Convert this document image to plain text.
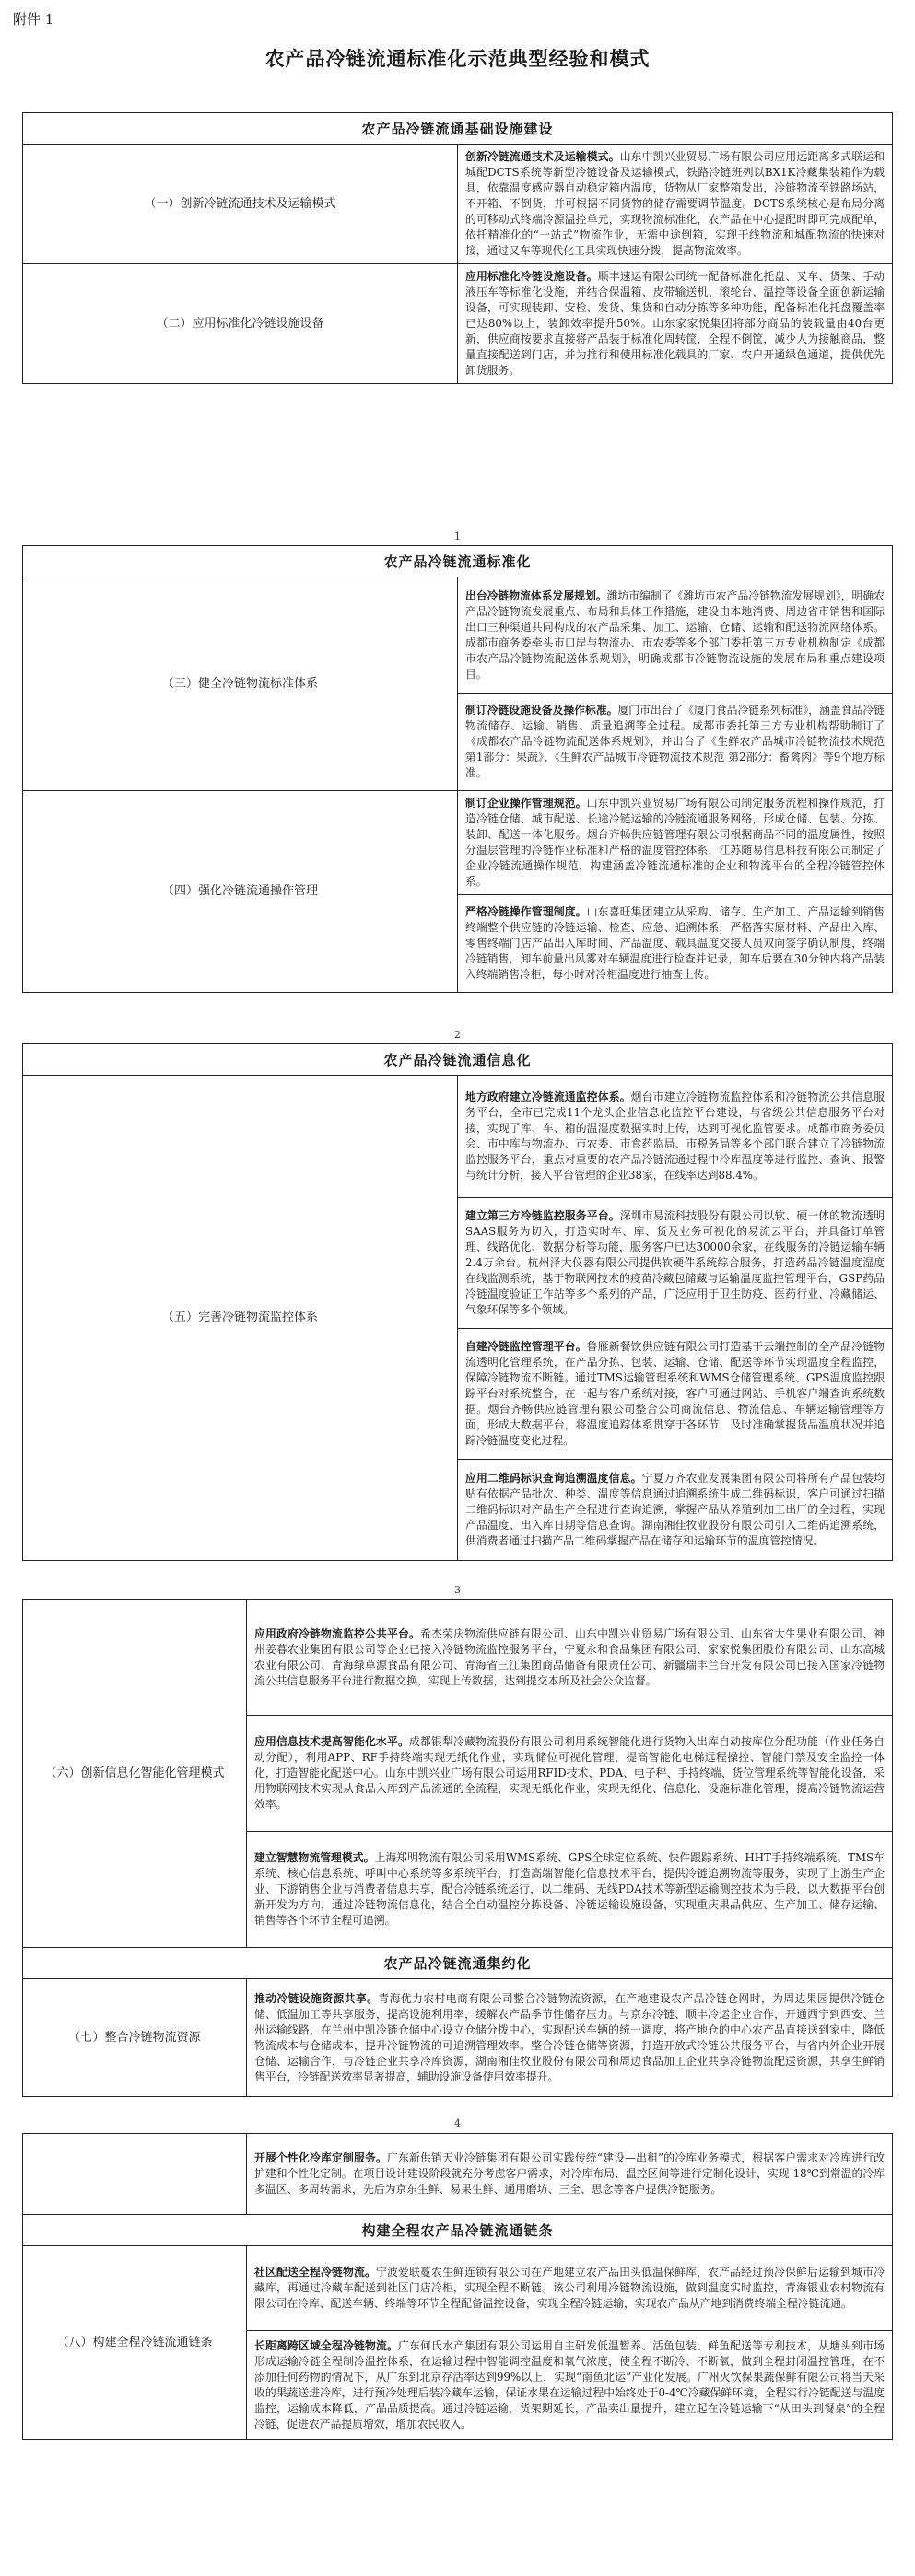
附件 1
农产品冷链流通标准化示范典型经验和模式
农产品冷链流通基础设施建设	
（一）创新冷链流通技术及运输模式	创新冷链流通技术及运输模式。山东中凯兴业贸易广场有限公司应用远距离多式联运和城配DCTS系统等新型冷链设备及运输模式，铁路冷链班列以BX1K冷藏集装箱作为载具，依靠温度感应器自动稳定箱内温度，货物从厂家整箱发出，冷链物流至铁路场站，不开箱、不倒货，并可根据不同货物的储存需要调节温度。DCTS系统核心是布局分离的可移动式终端冷源温控单元，实现物流标准化，农产品在中心提配时即可完成配单，依托精准化的“一站式”物流作业，无需中途倒箱，实现干线物流和城配物流的快速对接，通过又车等现代化工具实现快速分拨，提高物流效率。
（二）应用标准化冷链设施设备	应用标准化冷链设施设备。顺丰速运有限公司统一配备标准化托盘、叉车、货架、手动液压车等标准化设施，并结合保温箱、皮带输送机、滚轮台、温控等设备全面创新运输设备，可实现装卸、安检、发货、集货和自动分拣等多种功能，配备标准化托盘覆盖率已达80%以上，装卸效率提升50%。山东家家悦集团将部分商品的装载量由40台更新，供应商按要求直接将产品装于标准化周转筐，全程不倒筐，减少人为接触商品，整量直接配送到门店，并为推行和使用标准化载具的厂家、农户开通绿色通道，提供优先卸货服务。
1
农产品冷链流通标准化	
（三）健全冷链物流标准体系	出台冷链物流体系发展规划。潍坊市编制了《潍坊市农产品冷链物流发展规划》，明确农产品冷链物流发展重点、布局和具体工作措施，建设由本地消费、周边省市销售和国际出口三种渠道共同构成的农产品采集、加工、运输、仓储、运输和配送物流网络体系。成都市商务委牵头市口岸与物流办、市农委等多个部门委托第三方专业机构制定《成都市农产品冷链物流配送体系规划》，明确成都市冷链物流设施的发展布局和重点建设项目。
	制订冷链设施设备及操作标准。厦门市出台了《厦门食品冷链系列标准》，涵盖食品冷链物流储存、运输、销售、质量追溯等全过程。成都市委托第三方专业机构帮助制订了《成都农产品冷链物流配送体系规划》，并出台了《生鲜农产品城市冷链物流技术规范 第1部分：果蔬》、《生鲜农产品城市冷链物流技术规范 第2部分：畜禽肉》等9个地方标准。
（四）强化冷链流通操作管理	制订企业操作管理规范。山东中凯兴业贸易广场有限公司制定服务流程和操作规范，打造冷链仓储、城市配送、长途冷链运输的冷链流通服务网络，形成仓储、包装、分拣、装卸、配送一体化服务。烟台齐畅供应链管理有限公司根据商品不同的温度属性，按照分温层管理的冷链作业标准和严格的温度管控体系，江苏随易信息科技有限公司制定了企业冷链流通操作规范，构建涵盖冷链流通标准的企业和物流平台的全程冷链管控体系。
	严格冷链操作管理制度。山东喜旺集团建立从采购、储存、生产加工、产品运输到销售终端整个供应链的冷链运输、检查、应急、追溯体系，严格落实原材料、产品出入库、零售终端门店产品出入库时间、产品温度、载具温度交接人员双向签字确认制度，终端冷链销售，卸车前量出风雾对车辆温度进行检查并记录，卸车后要在30分钟内将产品装入终端销售冷柜，每小时对冷柜温度进行抽查上传。
2
农产品冷链流通信息化
（五）完善冷链物流监控体系	地方政府建立冷链流通监控体系。烟台市建立冷链物流监控体系和冷链物流公共信息服务平台，全市已完成11个龙头企业信息化监控平台建设，与省级公共信息服务平台对接，实现了库、车、箱的温湿度数据实时上传，达到可视化监管要求。成都市商务委员会、市中库与物流办、市农委、市食药监局、市税务局等多个部门联合建立了冷链物流监控服务平台，重点对重要的农产品冷链流通过程中冷库温度等进行监控、查询、报警与统计分析，接入平台管理的企业38家，在线率达到88.4%。
建立第三方冷链监控服务平台。深圳市易流科技股份有限公司以软、硬一体的物流透明SAAS服务为切入，打造实时车、库、货及业务可视化的易流云平台，并具备订单管理、线路优化、数据分析等功能，服务客户已达30000余家，在线服务的冷链运输车辆2.4万余台。杭州泽大仪器有限公司提供软硬件系统综合服务，打造药品冷链温度湿度在线监测系统，基于物联网技术的疫苗冷藏包储藏与运输温度监控管理平台，GSP药品冷链温度验证工作站等多个系列的产品，广泛应用于卫生防疫、医药行业、冷藏储运、气象环保等多个领域。
自建冷链监控管理平台。鲁雁新餐饮供应链有限公司打造基于云端控制的全产品冷链物流透明化管理系统，在产品分拣、包装、运输、仓储、配送等环节实现温度全程监控，保障冷链物流不断链。通过TMS运输管理系统和WMS仓储管理系统、GPS温度监控跟踪平台对系统整合，在一起与客户系统对接，客户可通过网站、手机客户端查询系统数据。烟台齐畅供应链管理有限公司整合公司商流信息、物流信息、车辆运输管理等方面，形成大数据平台，将温度追踪体系贯穿于各环节，及时准确掌握货品温度状况并追踪冷链温度变化过程。
应用二维码标识查询追溯温度信息。宁夏万齐农业发展集团有限公司将所有产品包装均贴有依据产品批次、种类、温度等信息通过追溯系统生成二维码标识，客户可通过扫描二维码标识对产品生产全程进行查询追溯，掌握产品从养殖到加工出厂的全过程，实现产品温度、出入库日期等信息查询。湖南湘佳牧业股份有限公司引入二维码追溯系统，供消费者通过扫描产品二维码掌握产品在储存和运输环节的温度管控情况。
3
（六）创新信息化智能化管理模式	应用政府冷链物流监控公共平台。希杰荣庆物流供应链有限公司、山东中凯兴业贸易广场有限公司、山东省大生果业有限公司、神州姜暮农业集团有限公司等企业已接入冷链物流监控服务平台，宁夏永和食品集团有限公司、家家悦集团股份有限公司、山东高城农业有限公司、青海绿草源食品有限公司、青海省三江集团商品储备有限责任公司、新疆瑞丰兰台开发有限公司已接入国家冷链物流公共信息服务平台进行数据交换，实现上传数据，达到提交本所及社会公众监督。
	应用信息技术提高智能化水平。成都银犁冷藏物流股份有限公司利用系统智能化进行货物入出库自动按库位分配功能（作业任务自动分配），利用APP、RF手持终端实现无纸化作业，实现储位可视化管理，提高智能化电梯远程操控、智能门禁及安全监控一体化，打造智能化配送中心。山东中凯兴业广场有限公司运用RFID技术、PDA、电子秤、手持终端、货位管理系统等智能化设备，采用物联网技术实现从食品入库到产品流通的全流程，实现无纸化作业，实现无纸化、信息化、设施标准化管理，提高冷链物流运营效率。
	建立智慧物流管理模式。上海郑明物流有限公司采用WMS系统、GPS全球定位系统、快件跟踪系统、HHT手持终端系统、TMS车系统、核心信息系统、呼叫中心系统等多系统平台，打造高端智能化信息技术平台，提供冷链追溯物流等服务，实现了上游生产企业、下游销售企业与消费者信息共享，配合冷链系统运行，以二维码、无线PDA技术等新型运输测控技术为手段，以大数据平台创新开发为方向，通过冷链物流信息化，结合全自动温控分拣设备、冷链运输设施设备，实现重庆果品供应、生产加工、储存运输、销售等各个环节全程可追溯。
农产品冷链流通集约化	
（七）整合冷链物流资源	推动冷链设施资源共享。青海优力农村电商有限公司整合冷链物流资源，在产地建设农产品冷链仓网时，为周边果园提供冷链仓储、低温加工等共享服务，提高设施利用率，缓解农产品季节性储存压力。与京东冷链、顺丰冷运企业合作，开通西宁到西安、兰州运输线路，在兰州中凯冷链仓储中心设立仓储分拨中心，实现配送车辆的统一调度，将产地仓的中心农产品直接送到家中，降低物流成本与仓储成本，提升冷链物流的可追溯管理效率。整合冷链仓储等资源，打造开放式冷链公共服务平台，与省内外企业开展仓储、运输合作，与冷链企业共享冷库资源，湖南湘佳牧业股份有限公司和周边食品加工企业共享冷链物流配送资源，共享生鲜销售平台，冷链配送效率显著提高，辅助设施设备使用效率提升。
4
	开展个性化冷库定制服务。广东新供销天业冷链集团有限公司实践传统“建设—出租”的冷库业务模式，根据客户需求对冷库进行改扩建和个性化定制。在项目设计建设阶段就充分考虑客户需求，对冷库布局、温控区间等进行定制化设计，实现-18℃到常温的冷库多温区、多周转需求，先后为京东生鲜、易果生鲜、通用磨坊、三全、思念等客户提供冷链服务。
构建全程农产品冷链流通链条	
（八）构建全程冷链流通链条	社区配送全程冷链物流。宁波爱联蔓农生鲜连锁有限公司在产地建立农产品田头低温保鲜库，农产品经过预冷保鲜后运输到城市冷藏库，再通过冷藏车配送到社区门店冷柜，实现全程不断链。该公司利用冷链物流设施，做到温度实时监控，青海银业农村物流有限公司在冷库、配送车辆、终端等环节全程配备温控设备，实现全程冷链运输，实现农产品从产地到消费终端全程冷链流通。
	长距离跨区域全程冷链物流。广东何氏水产集团有限公司运用自主研发低温暂养、活鱼包装、鲜鱼配送等专利技术，从塘头到市场形成运输冷链全程制冷温控体系，在运输过程中智能调控温度和氧气浓度，使全程不断冷、不断氧，做到全程封闭温控管理，在不添加任何药物的情况下，从广东到北京存活率达到99%以上，实现“南鱼北运”产业化发展。广州火饮保果蔬保鲜有限公司将当天采收的果蔬送进冷库，进行预冷处理后装冷藏车运输，保证水果在运输过程中始终处于0-4℃冷藏保鲜环境，全程实行冷链配送与温度监控，运输成本降低，产品品质提高。通过冷链运输，货架期延长，产品卖出量提升，建立起在冷链运输下“从田头到餐桌”的全程冷链，促进农产品提质增效，增加农民收入。
